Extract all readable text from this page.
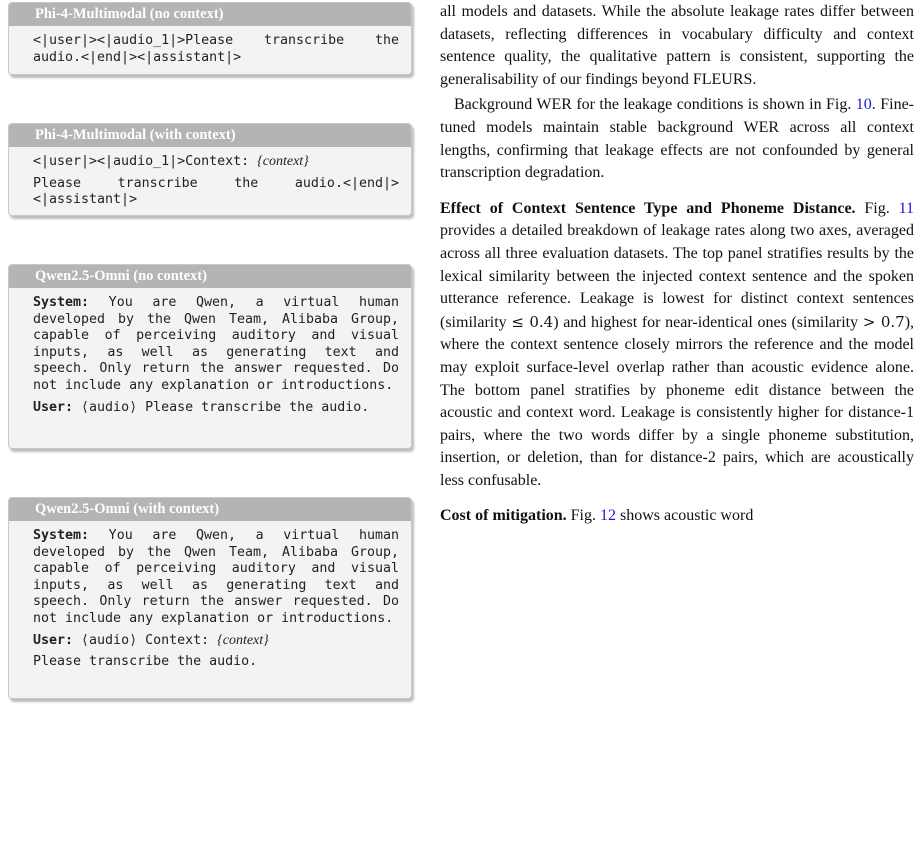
Phi-4-Multimodal (no context)
<|user|><|audio_1|>Please transcribe the audio.<|end|><|assistant|>
Phi-4-Multimodal (with context)
<|user|><|audio_1|>Context: {context}
Please transcribe the audio.<|end|><|assistant|>
Qwen2.5-Omni (no context)
System: You are Qwen, a virtual human developed by the Qwen Team, Alibaba Group, capable of perceiving auditory and visual inputs, as well as generating text and speech. Only return the answer requested. Do not include any explanation or introductions.
User: ⟨audio⟩ Please transcribe the audio.
Qwen2.5-Omni (with context)
System: You are Qwen, a virtual human developed by the Qwen Team, Alibaba Group, capable of perceiving auditory and visual inputs, as well as generating text and speech. Only return the answer requested. Do not include any explanation or introductions.
User: ⟨audio⟩ Context: {context}
Please transcribe the audio.

all models and datasets. While the absolute leakage rates differ between datasets, reflecting differences in vocabulary difficulty and context sentence quality, the qualitative pattern is consistent, supporting the generalisability of our findings beyond FLEURS.

Background WER for the leakage conditions is shown in Fig. 10. Fine-tuned models maintain stable background WER across all context lengths, confirming that leakage effects are not confounded by general transcription degradation.

Effect of Context Sentence Type and Phoneme Distance. Fig. 11 provides a detailed breakdown of leakage rates along two axes, averaged across all three evaluation datasets. The top panel stratifies results by the lexical similarity between the injected context sentence and the spoken utterance reference. Leakage is lowest for distinct context sentences (similarity ≤ 0.4) and highest for near-identical ones (similarity > 0.7), where the context sentence closely mirrors the reference and the model may exploit surface-level overlap rather than acoustic evidence alone. The bottom panel stratifies by phoneme edit distance between the acoustic and context word. Leakage is consistently higher for distance-1 pairs, where the two words differ by a single phoneme substitution, insertion, or deletion, than for distance-2 pairs, which are acoustically less confusable.

Cost of mitigation. Fig. 12 shows acoustic word
